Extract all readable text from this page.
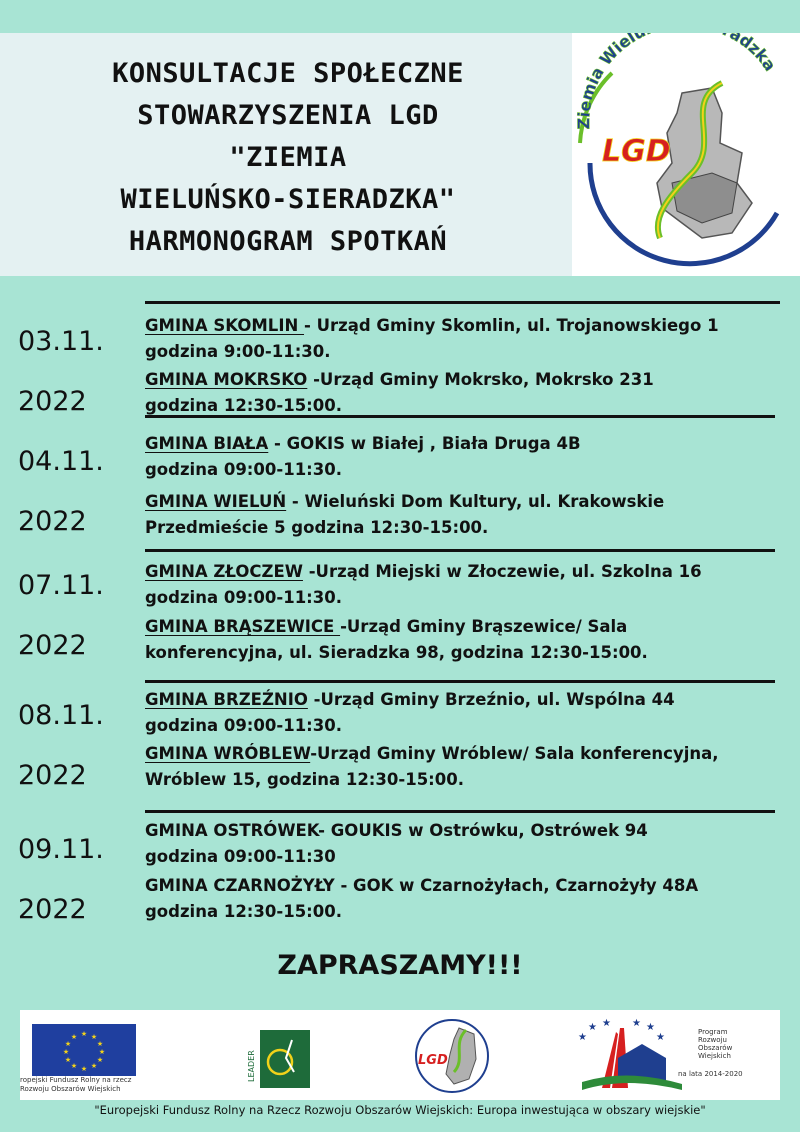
KONSULTACJE SPOŁECZNE
STOWARZYSZENIA LGD
"ZIEMIA
WIELUŃSKO-SIERADZKA"
HARMONOGRAM SPOTKAŃ
Ziemia Wiel adzka
LGD
03.11.
2022
GMINA SKOMLIN - Urząd Gminy Skomlin, ul. Trojanowskiego 1
godzina 9:00-11:30.
GMINA MOKRSKO -Urząd Gminy Mokrsko, Mokrsko 231
godzina 12:30-15:00.
04.11.
2022
GMINA BIAŁA - GOKIS w Białej , Biała Druga 4B
godzina 09:00-11:30.
GMINA WIELUŃ - Wieluński Dom Kultury, ul. Krakowskie
Przedmieście 5 godzina 12:30-15:00.
07.11.
2022
GMINA ZŁOCZEW -Urząd Miejski w Złoczewie, ul. Szkolna 16
godzina 09:00-11:30.
GMINA BRĄSZEWICE -Urząd Gminy Brąszewice/ Sala
konferencyjna, ul. Sieradzka 98, godzina 12:30-15:00.
08.11.
2022
GMINA BRZEŹNIO -Urząd Gminy Brzeźnio, ul. Wspólna 44
godzina 09:00-11:30.
GMINA WRÓBLEW-Urząd Gminy Wróblew/ Sala konferencyjna,
Wróblew 15, godzina 12:30-15:00.
09.11.
2022
GMINA OSTRÓWEK- GOUKIS w Ostrówku, Ostrówek 94
godzina 09:00-11:30
GMINA CZARNOŻYŁY - GOK w Czarnożyłach, Czarnożyły 48A
godzina 12:30-15:00.
ZAPRASZAMY!!!
★ ★
★
★
★
★
★
★
★
★
★
★
ropejski Fundusz Rolny na rzecz
Rozwoju Obszarów Wiejskich
LEADER	LGD
★
★ ★ ★ ★
★	Program
Rozwoju
Obszarów
Wiejskich
na lata 2014-2020
"Europejski Fundusz Rolny na Rzecz Rozwoju Obszarów Wiejskich: Europa inwestująca w obszary wiejskie"
